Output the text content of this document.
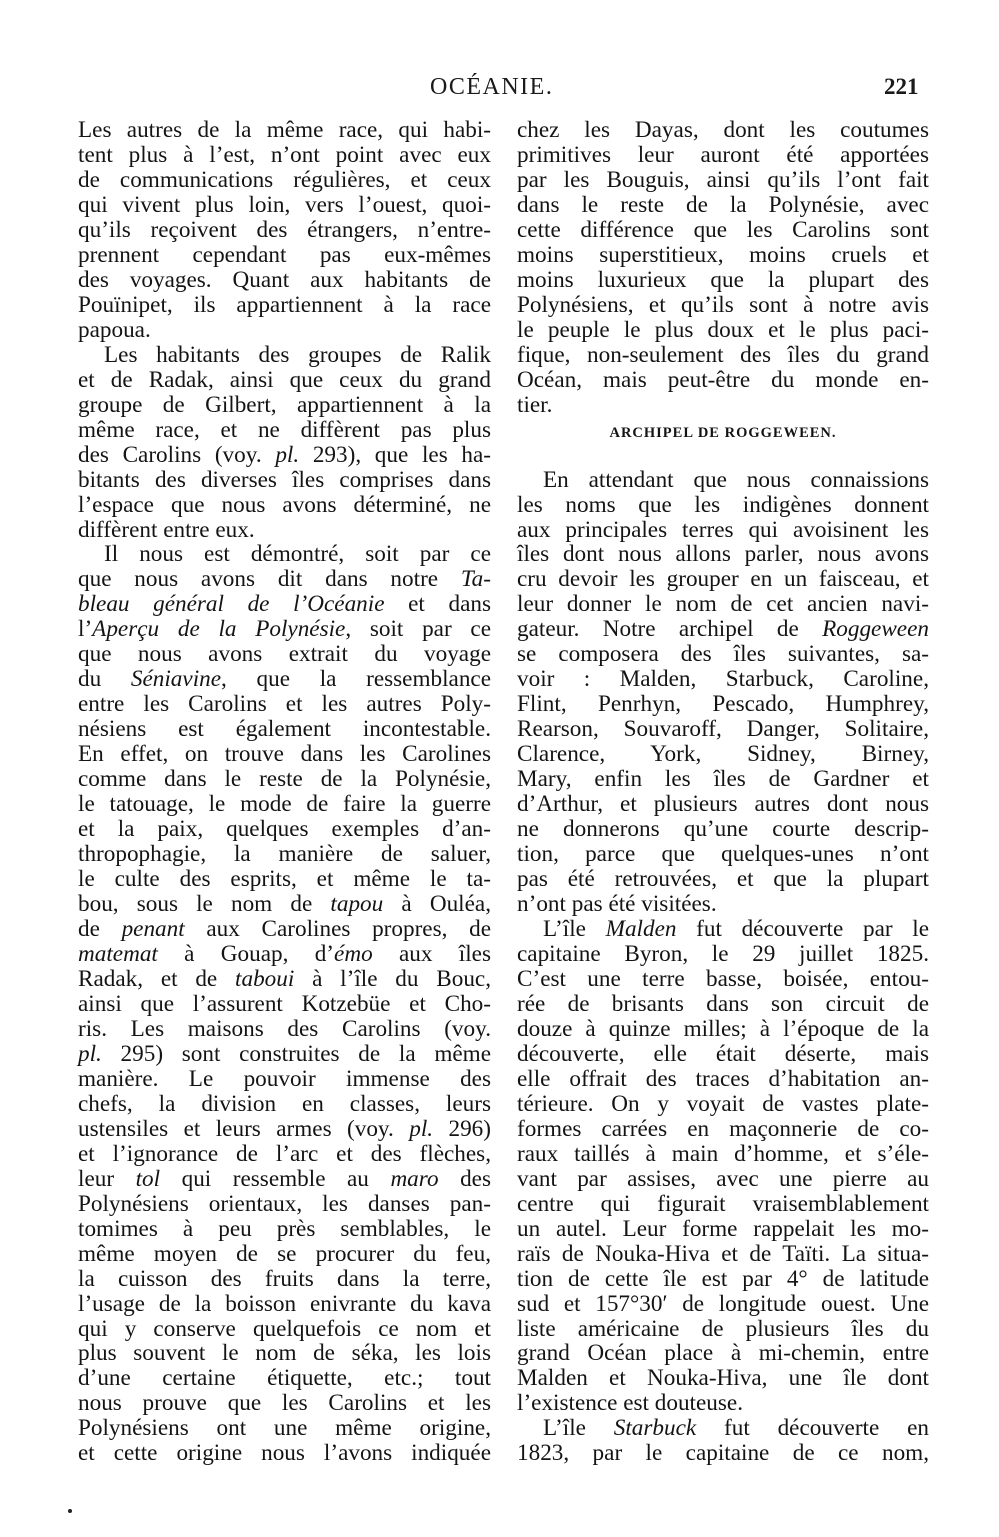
OCÉANIE.	221
Les autres de la même race, qui habi-
tent plus à l’est, n’ont point avec eux
de communications régulières, et ceux
qui vivent plus loin, vers l’ouest, quoi-
qu’ils reçoivent des étrangers, n’entre-
prennent cependant pas eux-mêmes
des voyages. Quant aux habitants de
Pouïnipet, ils appartiennent à la race
papoua.
Les habitants des groupes de Ralik
et de Radak, ainsi que ceux du grand
groupe de Gilbert, appartiennent à la
même race, et ne diffèrent pas plus
des Carolins (voy. pl. 293), que les ha-
bitants des diverses îles comprises dans
l’espace que nous avons déterminé, ne
diffèrent entre eux.
Il nous est démontré, soit par ce
que nous avons dit dans notre Ta-
bleau général de l’Océanie et dans
l’Aperçu de la Polynésie, soit par ce
que nous avons extrait du voyage
du Séniavine, que la ressemblance
entre les Carolins et les autres Poly-
nésiens est également incontestable.
En effet, on trouve dans les Carolines
comme dans le reste de la Polynésie,
le tatouage, le mode de faire la guerre
et la paix, quelques exemples d’an-
thropophagie, la manière de saluer,
le culte des esprits, et même le ta-
bou, sous le nom de tapou à Ouléa,
de penant aux Carolines propres, de
matemat à Gouap, d’émo aux îles
Radak, et de taboui à l’île du Bouc,
ainsi que l’assurent Kotzebüe et Cho-
ris. Les maisons des Carolins (voy.
pl. 295) sont construites de la même
manière. Le pouvoir immense des
chefs, la division en classes, leurs
ustensiles et leurs armes (voy. pl. 296)
et l’ignorance de l’arc et des flèches,
leur tol qui ressemble au maro des
Polynésiens orientaux, les danses pan-
tomimes à peu près semblables, le
même moyen de se procurer du feu,
la cuisson des fruits dans la terre,
l’usage de la boisson enivrante du kava
qui y conserve quelquefois ce nom et
plus souvent le nom de séka, les lois
d’une certaine étiquette, etc.; tout
nous prouve que les Carolins et les
Polynésiens ont une même origine,
et cette origine nous l’avons indiquée
chez les Dayas, dont les coutumes
primitives leur auront été apportées
par les Bouguis, ainsi qu’ils l’ont fait
dans le reste de la Polynésie, avec
cette différence que les Carolins sont
moins superstitieux, moins cruels et
moins luxurieux que la plupart des
Polynésiens, et qu’ils sont à notre avis
le peuple le plus doux et le plus paci-
fique, non-seulement des îles du grand
Océan, mais peut-être du monde en-
tier.
ARCHIPEL DE ROGGEWEEN.
En attendant que nous connaissions
les noms que les indigènes donnent
aux principales terres qui avoisinent les
îles dont nous allons parler, nous avons
cru devoir les grouper en un faisceau, et
leur donner le nom de cet ancien navi-
gateur. Notre archipel de Roggeween
se composera des îles suivantes, sa-
voir : Malden, Starbuck, Caroline,
Flint, Penrhyn, Pescado, Humphrey,
Rearson, Souvaroff, Danger, Solitaire,
Clarence, York, Sidney, Birney,
Mary, enfin les îles de Gardner et
d’Arthur, et plusieurs autres dont nous
ne donnerons qu’une courte descrip-
tion, parce que quelques-unes n’ont
pas été retrouvées, et que la plupart
n’ont pas été visitées.
L’île Malden fut découverte par le
capitaine Byron, le 29 juillet 1825.
C’est une terre basse, boisée, entou-
rée de brisants dans son circuit de
douze à quinze milles; à l’époque de la
découverte, elle était déserte, mais
elle offrait des traces d’habitation an-
térieure. On y voyait de vastes plate-
formes carrées en maçonnerie de co-
raux taillés à main d’homme, et s’éle-
vant par assises, avec une pierre au
centre qui figurait vraisemblablement
un autel. Leur forme rappelait les mo-
raïs de Nouka-Hiva et de Taïti. La situa-
tion de cette île est par 4° de latitude
sud et 157°30′ de longitude ouest. Une
liste américaine de plusieurs îles du
grand Océan place à mi-chemin, entre
Malden et Nouka-Hiva, une île dont
l’existence est douteuse.
L’île Starbuck fut découverte en
1823, par le capitaine de ce nom,
